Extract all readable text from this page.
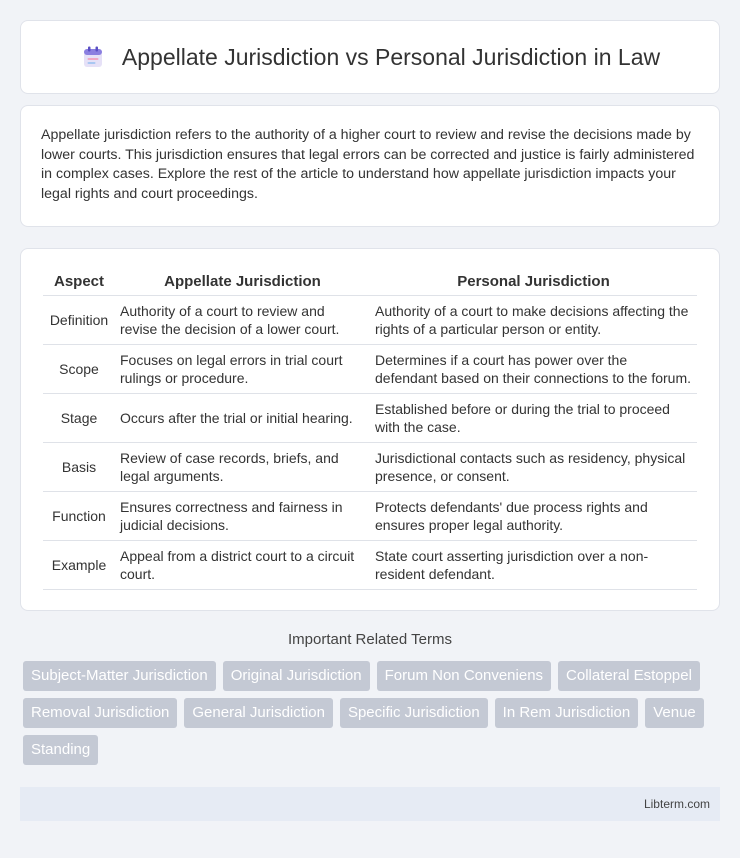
Appellate Jurisdiction vs Personal Jurisdiction in Law

Appellate jurisdiction refers to the authority of a higher court to review and revise the decisions made by lower courts. This jurisdiction ensures that legal errors can be corrected and justice is fairly administered in complex cases. Explore the rest of the article to understand how appellate jurisdiction impacts your legal rights and court proceedings.

Aspect	Appellate Jurisdiction	Personal Jurisdiction
Definition	Authority of a court to review and revise the decision of a lower court.	Authority of a court to make decisions affecting the rights of a particular person or entity.
Scope	Focuses on legal errors in trial court rulings or procedure.	Determines if a court has power over the defendant based on their connections to the forum.
Stage	Occurs after the trial or initial hearing.	Established before or during the trial to proceed with the case.
Basis	Review of case records, briefs, and legal arguments.	Jurisdictional contacts such as residency, physical presence, or consent.
Function	Ensures correctness and fairness in judicial decisions.	Protects defendants' due process rights and ensures proper legal authority.
Example	Appeal from a district court to a circuit court.	State court asserting jurisdiction over a non-resident defendant.
Important Related Terms
Subject-Matter Jurisdiction	Original Jurisdiction	Forum Non Conveniens	Collateral Estoppel
Removal Jurisdiction	General Jurisdiction	Specific Jurisdiction	In Rem Jurisdiction	Venue
Standing
Libterm.com
